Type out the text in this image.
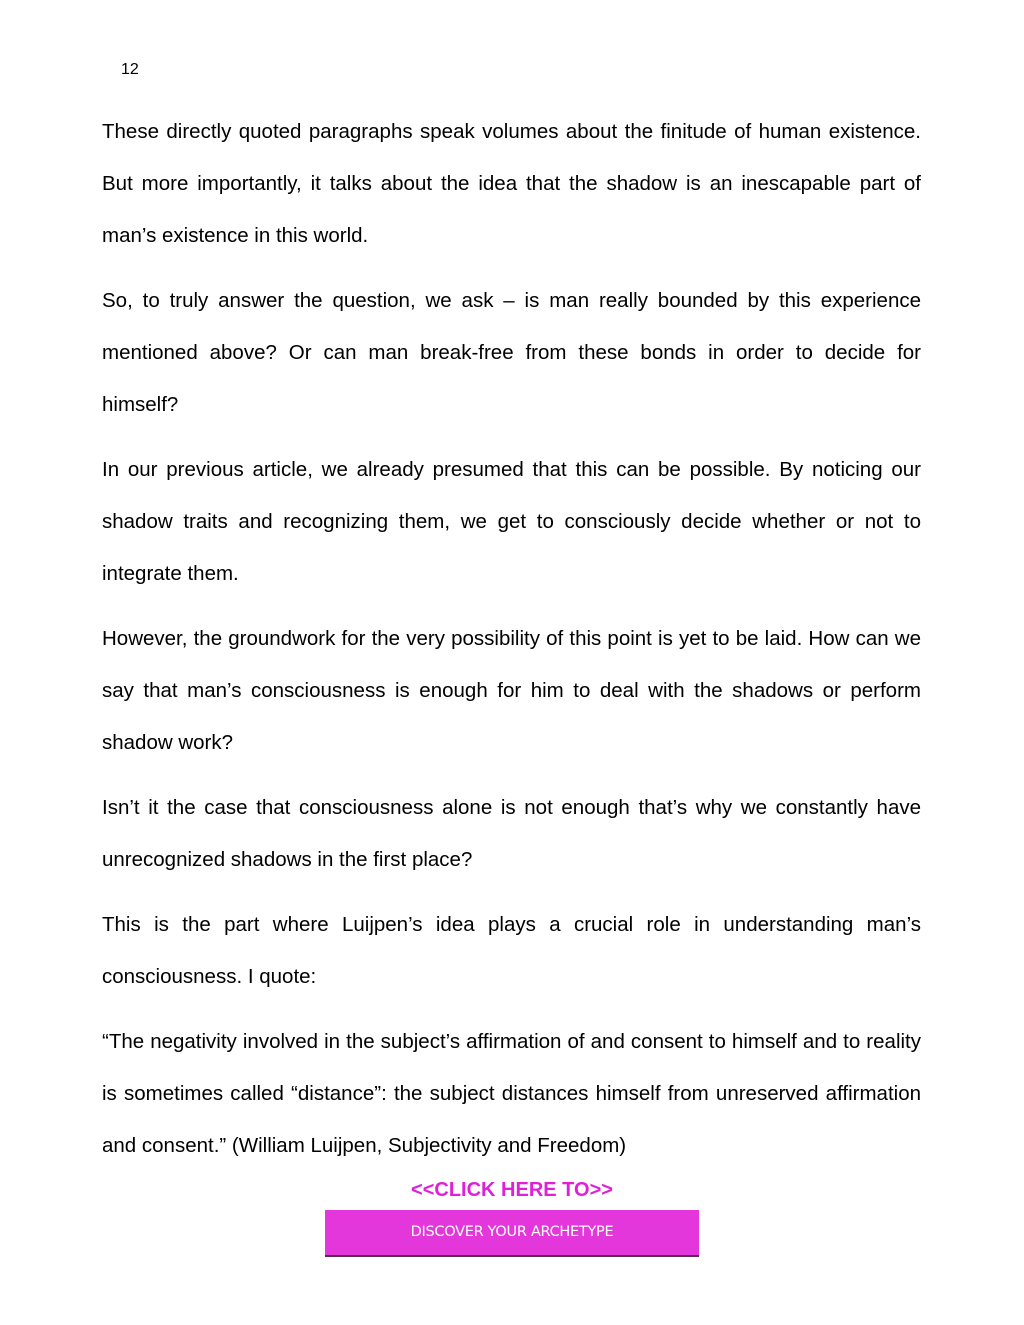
12

These directly quoted paragraphs speak volumes about the finitude of human existence. But more importantly, it talks about the idea that the shadow is an inescapable part of man’s existence in this world.

So, to truly answer the question, we ask – is man really bounded by this experience mentioned above? Or can man break-free from these bonds in order to decide for himself?

In our previous article, we already presumed that this can be possible. By noticing our shadow traits and recognizing them, we get to consciously decide whether or not to integrate them.

However, the groundwork for the very possibility of this point is yet to be laid. How can we say that man’s consciousness is enough for him to deal with the shadows or perform shadow work?

Isn’t it the case that consciousness alone is not enough that’s why we constantly have unrecognized shadows in the first place?

This is the part where Luijpen’s idea plays a crucial role in understanding man’s consciousness. I quote:

“The negativity involved in the subject’s affirmation of and consent to himself and to reality is sometimes called “distance”: the subject distances himself from unreserved affirmation and consent.” (William Luijpen, Subjectivity and Freedom)

<<CLICK HERE TO>>
DISCOVER YOUR ARCHETYPE
